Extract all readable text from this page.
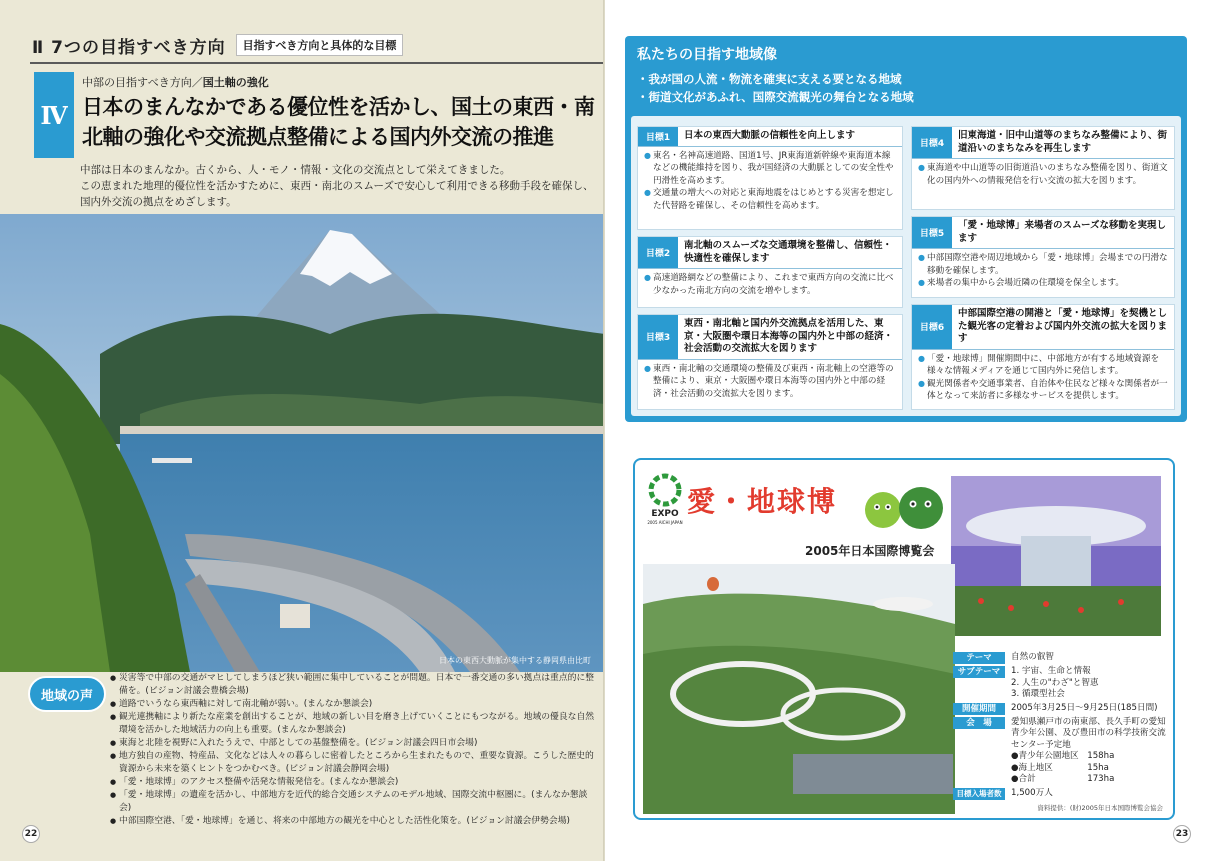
Ⅱ 7つの目指すべき方向	目指すべき方向と具体的な目標
Ⅳ
中部の目指すべき方向／国土軸の強化
日本のまんなかである優位性を活かし、国土の東西・南北軸の強化や交流拠点整備による国内外交流の推進
中部は日本のまんなか。古くから、人・モノ・情報・文化の交流点として栄えてきました。
この恵まれた地理的優位性を活かすために、東西・南北のスムーズで安心して利用できる移動手段を確保し、国内外交流の拠点をめざします。
日本の東西大動脈が集中する静岡県由比町
地域の声
● 災害等で中部の交通がマヒしてしまうほど狭い範囲に集中していることが問題。日本で一番交通の多い拠点は重点的に整備を。(ビジョン討議会豊橋会場)
● 道路でいうなら東西軸に対して南北軸が弱い。(まんなか懇談会)
● 観光連携軸により新たな産業を創出することが、地域の新しい目を磨き上げていくことにもつながる。地域の優良な自然環境を活かした地域活力の向上も重要。(まんなか懇談会)
● 東海と北陸を視野に入れたうえで、中部としての基盤整備を。(ビジョン討議会四日市会場)
● 地方独自の産物、特産品、文化などは人々の暮らしに密着したところから生まれたもので、重要な資源。こうした歴史的資源から未来を築くヒントをつかむべき。(ビジョン討議会静岡会場)
● 「愛・地球博」のアクセス整備や活発な情報発信を。(まんなか懇談会)
● 「愛・地球博」の遺産を活かし、中部地方を近代的総合交通システムのモデル地域、国際交流中枢圏に。(まんなか懇談会)
● 中部国際空港、「愛・地球博」を通じ、将来の中部地方の観光を中心とした活性化策を。(ビジョン討議会伊勢会場)
22
私たちの目指す地域像
・我が国の人流・物流を確実に支える要となる地域
・街道文化があふれ、国際交流観光の舞台となる地域
目標1	日本の東西大動脈の信頼性を向上します
● 東名・名神高速道路、国道1号、JR東海道新幹線や東海道本線などの機能維持を図り、我が国経済の大動脈としての安全性や円滑性を高めます。
● 交通量の増大への対応と東海地震をはじめとする災害を想定した代替路を確保し、その信頼性を高めます。
目標2
南北軸のスムーズな交通環境を整備し、信頼性・快適性を確保します
● 高速道路網などの整備により、これまで東西方向の交流に比べ少なかった南北方向の交流を増やします。
目標3
東西・南北軸と国内外交流拠点を活用した、東京・大阪圏や環日本海等の国内外と中部の経済・社会活動の交流拡大を図ります
● 東西・南北軸の交通環境の整備及び東西・南北軸上の空港等の整備により、東京・大阪圏や環日本海等の国内外と中部の経済・社会活動の交流拡大を図ります。
目標4
旧東海道・旧中山道等のまちなみ整備により、街道沿いのまちなみを再生します
● 東海道や中山道等の旧街道沿いのまちなみ整備を図り、街道文化の国内外への情報発信を行い交流の拡大を図ります。
目標5
「愛・地球博」来場者のスムーズな移動を実現します
● 中部国際空港や周辺地域から「愛・地球博」会場までの円滑な移動を確保します。
● 来場者の集中から会場近隣の住環境を保全します。
目標6
中部国際空港の開港と「愛・地球博」を契機とした観光客の定着および国内外交流の拡大を図ります
● 「愛・地球博」開催期間中に、中部地方が有する地域資源を様々な情報メディアを通じて国内外に発信します。
● 観光関係者や交通事業者、自治体や住民など様々な関係者が一体となって来訪者に多様なサービスを提供します。
EXPO
2005 AICHI JAPAN
愛・地球博
2005年日本国際博覧会
テーマ	自然の叡智
サブテーマ	1. 宇宙、生命と情報
2. 人生の"わざ"と智恵
3. 循環型社会
開催期間	2005年3月25日〜9月25日(185日間)
会　場	愛知県瀬戸市の南東部、長久手町の愛知青少年公園、及び豊田市の科学技術交流センター予定地
●青少年公園地区　158ha
●海上地区　　　　15ha
●合計　　　　　　173ha
目標入場者数	1,500万人
資料提供：(財)2005年日本国際博覧会協会
23
